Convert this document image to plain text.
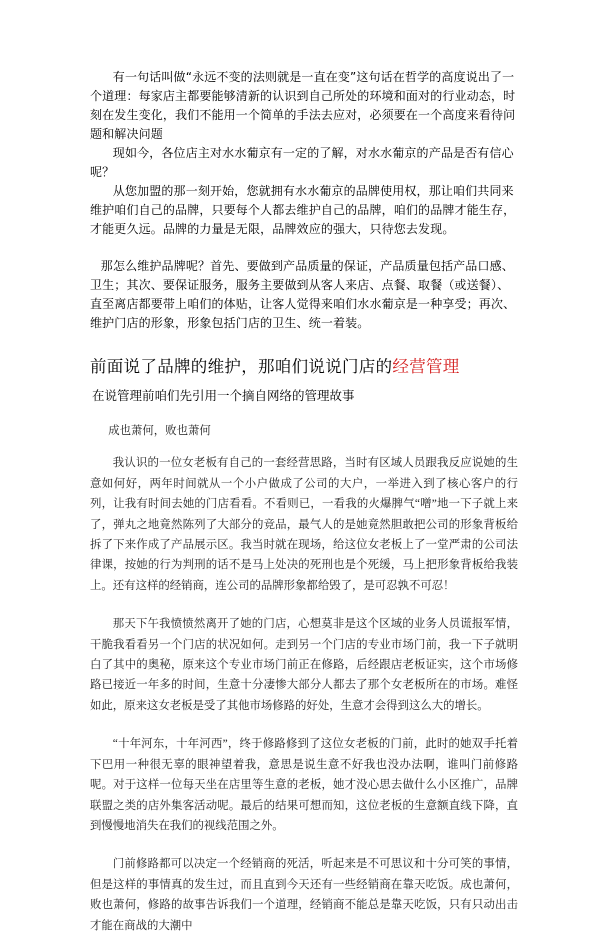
有一句话叫做“永远不变的法则就是一直在变”这句话在哲学的高度说出了一个道理：每家店主都要能够清新的认识到自己所处的环境和面对的行业动态，时刻在发生变化，我们不能用一个简单的手法去应对，必须要在一个高度来看待问题和解决问题

现如今，各位店主对水水葡京有一定的了解，对水水葡京的产品是否有信心呢？

从您加盟的那一刻开始，您就拥有水水葡京的品牌使用权，那让咱们共同来维护咱们自己的品牌，只要每个人都去维护自己的品牌，咱们的品牌才能生存，才能更久远。品牌的力量是无限，品牌效应的强大，只待您去发现。

那怎么维护品牌呢？首先、要做到产品质量的保证，产品质量包括产品口感、卫生；其次、要保证服务，服务主要做到从客人来店、点餐、取餐（或送餐）、直至离店都要带上咱们的体贴，让客人觉得来咱们水水葡京是一种享受；再次、维护门店的形象，形象包括门店的卫生、统一着装。

前面说了品牌的维护，那咱们说说门店的经营管理

在说管理前咱们先引用一个摘自网络的管理故事

成也萧何，败也萧何

我认识的一位女老板有自己的一套经营思路，当时有区域人员跟我反应说她的生意如何好，两年时间就从一个小户做成了公司的大户，一举进入到了核心客户的行列，让我有时间去她的门店看看。不看则已，一看我的火爆脾气“噌”地一下子就上来了，弹丸之地竟然陈列了大部分的竞品，最气人的是她竟然胆敢把公司的形象背板给拆了下来作成了产品展示区。我当时就在现场，给这位女老板上了一堂严肃的公司法律课，按她的行为判刑的话不是马上处决的死刑也是个死缓，马上把形象背板给我装上。还有这样的经销商，连公司的品牌形象都给毁了，是可忍孰不可忍！

那天下午我愤愤然离开了她的门店，心想莫非是这个区域的业务人员谎报军情，干脆我看看另一个门店的状况如何。走到另一个门店的专业市场门前，我一下子就明白了其中的奥秘，原来这个专业市场门前正在修路，后经跟店老板证实，这个市场修路已接近一年多的时间，生意十分凄惨大部分人都去了那个女老板所在的市场。难怪如此，原来这女老板是受了其他市场修路的好处，生意才会得到这么大的增长。

“十年河东，十年河西”，终于修路修到了这位女老板的门前，此时的她双手托着下巴用一种很无辜的眼神望着我，意思是说生意不好我也没办法啊，谁叫门前修路呢。对于这样一位每天坐在店里等生意的老板，她才没心思去做什么小区推广，品牌联盟之类的店外集客活动呢。最后的结果可想而知，这位老板的生意额直线下降，直到慢慢地消失在我们的视线范围之外。

门前修路都可以决定一个经销商的死活，听起来是不可思议和十分可笑的事情，但是这样的事情真的发生过，而且直到今天还有一些经销商在靠天吃饭。成也萧何，败也萧何，修路的故事告诉我们一个道理，经销商不能总是靠天吃饭，只有只动出击才能在商战的大潮中
